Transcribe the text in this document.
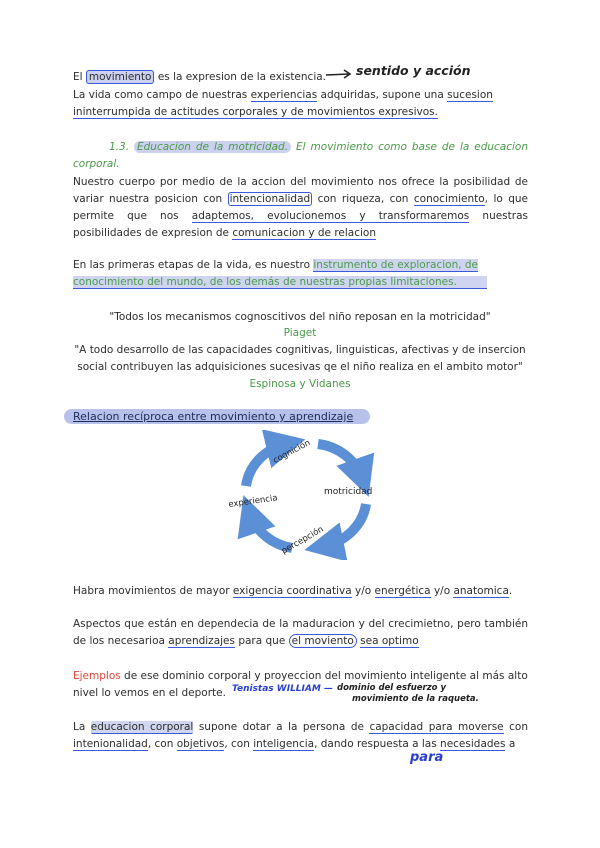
El movimiento es la expresion de la existencia.	sentido y acción

La vida como campo de nuestras experiencias adquiridas, supone una sucesion
ininterrumpida de actitudes corporales y de movimientos expresivos.

1.3. Educacion de la motricidad. El movimiento como base de la educacion corporal.

Nuestro cuerpo por medio de la accion del movimiento nos ofrece la posibilidad de variar nuestra posicion con intencionalidad con riqueza, con conocimiento, lo que permite que nos adaptemos, evolucionemos y transformaremos nuestras posibilidades de expresion de comunicacion y de relacion

En las primeras etapas de la vida, es nuestro instrumento de exploracion, de
conocimiento del mundo, de los demás de nuestras propias limitaciones.

"Todos los mecanismos cognoscitivos del niño reposan en la motricidad"

Piaget

"A todo desarrollo de las capacidades cognitivas, linguisticas, afectivas y de insercion social contribuyen las adquisiciones sucesivas qe el niño realiza en el ambito motor"

Espinosa y Vidanes

Relacion recíproca entre movimiento y aprendizaje
cognición
motricidad
percepción
experiencia

Habra movimientos de mayor exigencia coordinativa y/o energética y/o anatomica.

Aspectos que están en dependecia de la maduracion y del crecimietno, pero también de los necesarioa aprendizajes para que el moviento sea optimo

Ejemplos de ese dominio corporal y proyeccion del movimiento inteligente al más alto nivel lo vemos en el deporte. Tenistas WILLIAM — dominio del esfuerzo y
movimiento de la raqueta.

La educacion corporal supone dotar a la persona de capacidad para moverse con intenionalidad, con objetivos, con inteligencia, dando respuesta a las necesidades a

para
